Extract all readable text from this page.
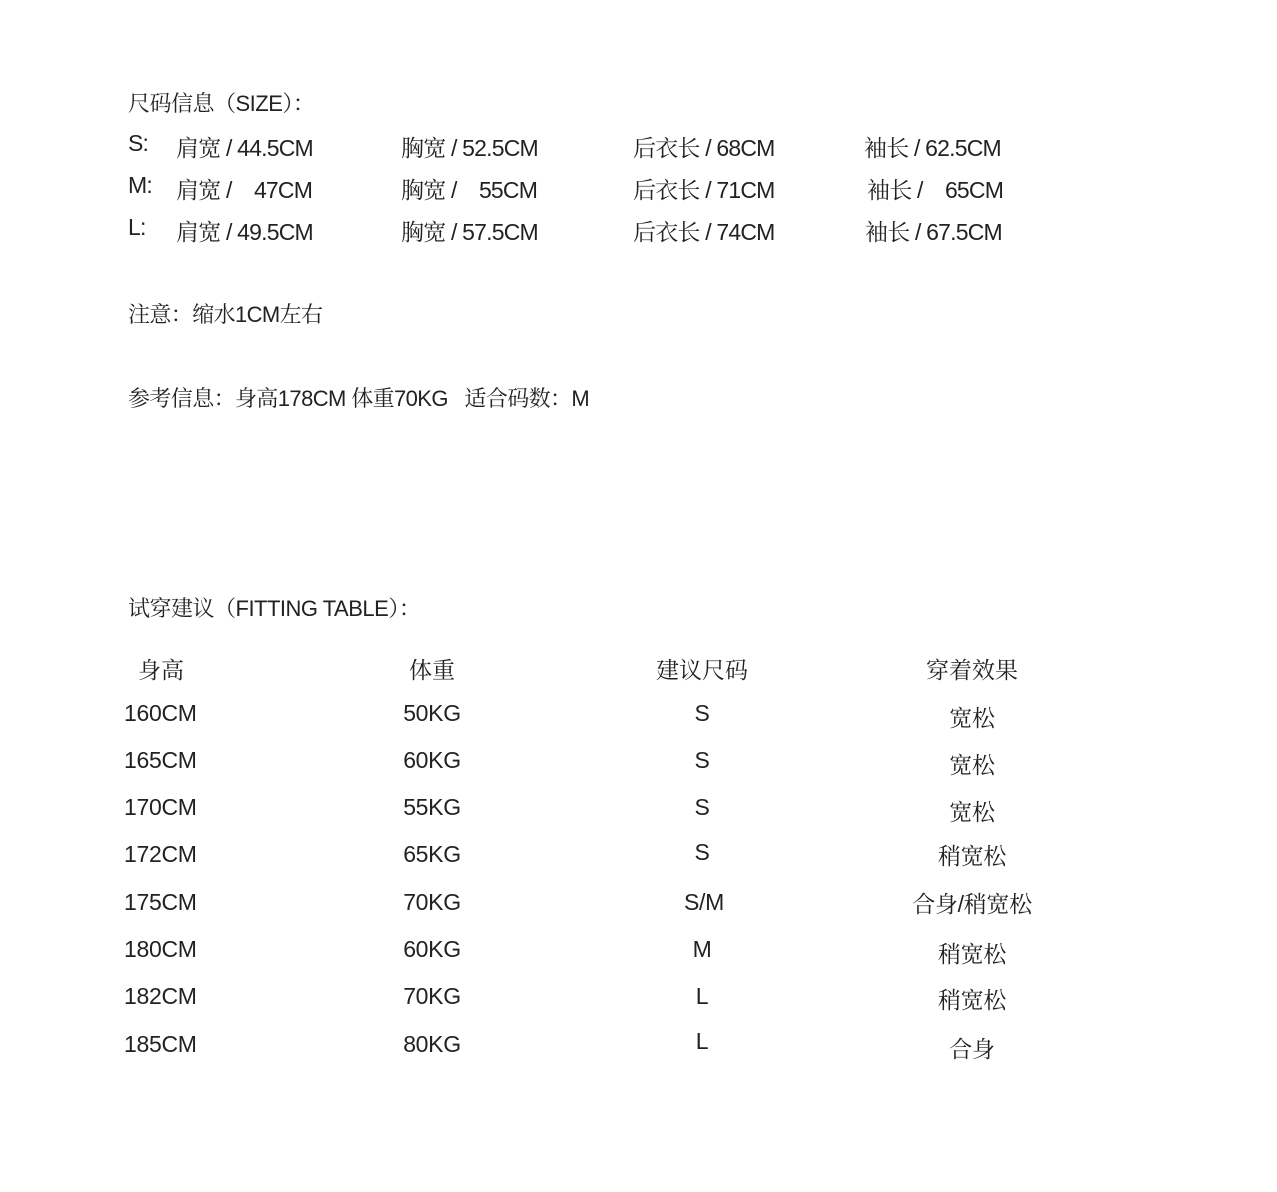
尺码信息（SIZE）：
S: 肩宽 / 44.5CM	胸宽 / 52.5CM	后衣长 / 68CM	袖长 / 62.5CM
M: 肩宽 /    47CM	胸宽 /    55CM	后衣长 / 71CM	袖长 /    65CM
L: 肩宽 / 49.5CM	胸宽 / 57.5CM	后衣长 / 74CM	袖长 / 67.5CM
注意：缩水1CM左右
参考信息：身高178CM 体重70KG   适合码数：M
试穿建议（FITTING TABLE）：
身高	体重	建议尺码	穿着效果
160CM	50KG	S	宽松
165CM	60KG	S	宽松
170CM	55KG	S	宽松
172CM	65KG	S	稍宽松
175CM	70KG	S/M	合身/稍宽松
180CM	60KG	M	稍宽松
182CM	70KG	L	稍宽松
185CM	80KG	L	合身
